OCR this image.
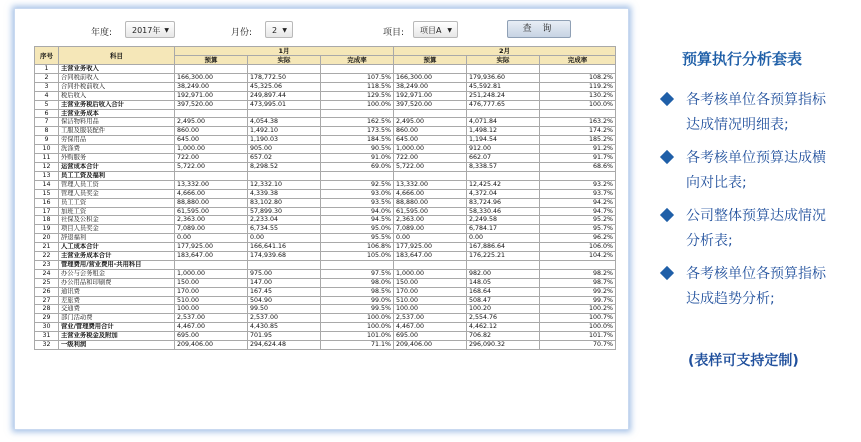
年度:	2017年 ▼	月份:	2 ▼	项目:	项目A ▼	查 询
序号	科目	1月			2月		
		预算	实际	完成率	预算	实际	完成率
1	主营业务收入						
2	合同税前收入	166,300.00	178,772.50	107.5%	166,300.00	179,936.60	108.2%
3	合同扑税前收入	38,249.00	45,325.06	118.5%	38,249.00	45,592.81	119.2%
4	税后收入	192,971.00	249,897.44	129.5%	192,971.00	251,248.24	130.2%
5	主营业务税后收入合计	397,520.00	473,995.01	100.0%	397,520.00	476,777.65	100.0%
6	主营业务成本						
7	保洁物料用品	2,495.00	4,054.38	162.5%	2,495.00	4,071.84	163.2%
8	工服及服装配件	860.00	1,492.10	173.5%	860.00	1,498.12	174.2%
9	劳保用品	645.00	1,190.03	184.5%	645.00	1,194.54	185.2%
10	洗涤费	1,000.00	905.00	90.5%	1,000.00	912.00	91.2%
11	外购服务	722.00	657.02	91.0%	722.00	662.07	91.7%
12	运营成本合计	5,722.00	8,298.52	69.0%	5,722.00	8,338.57	68.6%
13	员工工资及福利						
14	管理人员工资	13,332.00	12,332.10	92.5%	13,332.00	12,425.42	93.2%
15	管理人员奖金	4,666.00	4,339.38	93.0%	4,666.00	4,372.04	93.7%
16	员工工资	88,880.00	83,102.80	93.5%	88,880.00	83,724.96	94.2%
17	加班工资	61,595.00	57,899.30	94.0%	61,595.00	58,330.46	94.7%
18	社保及公积金	2,363.00	2,233.04	94.5%	2,363.00	2,249.58	95.2%
19	项目人员奖金	7,089.00	6,734.55	95.0%	7,089.00	6,784.17	95.7%
20	辞退福利	0.00	0.00	95.5%	0.00	0.00	96.2%
21	人工成本合计	177,925.00	166,641.16	106.8%	177,925.00	167,886.64	106.0%
22	主营业务成本合计	183,647.00	174,939.68	105.0%	183,647.00	176,225.21	104.2%
23	管理费用/营业费用-共用科目						
24	办公与会务租金	1,000.00	975.00	97.5%	1,000.00	982.00	98.2%
25	办公用品和印刷费	150.00	147.00	98.0%	150.00	148.05	98.7%
26	通讯费	170.00	167.45	98.5%	170.00	168.64	99.2%
27	差旅费	510.00	504.90	99.0%	510.00	508.47	99.7%
28	交通费	100.00	99.50	99.5%	100.00	100.20	100.2%
29	部门活动费	2,537.00	2,537.00	100.0%	2,537.00	2,554.76	100.7%
30	营业/管理费用合计	4,467.00	4,430.85	100.0%	4,467.00	4,462.12	100.0%
31	主营业务税金及附加	695.00	701.95	101.0%	695.00	706.82	101.7%
32	一级利润	209,406.00	294,624.48	71.1%	209,406.00	296,090.32	70.7%
预算执行分析套表
各考核单位各预算指标
达成情况明细表;
各考核单位预算达成横
向对比表;
公司整体预算达成情况
分析表;
各考核单位各预算指标
达成趋势分析;
(表样可支持定制)
